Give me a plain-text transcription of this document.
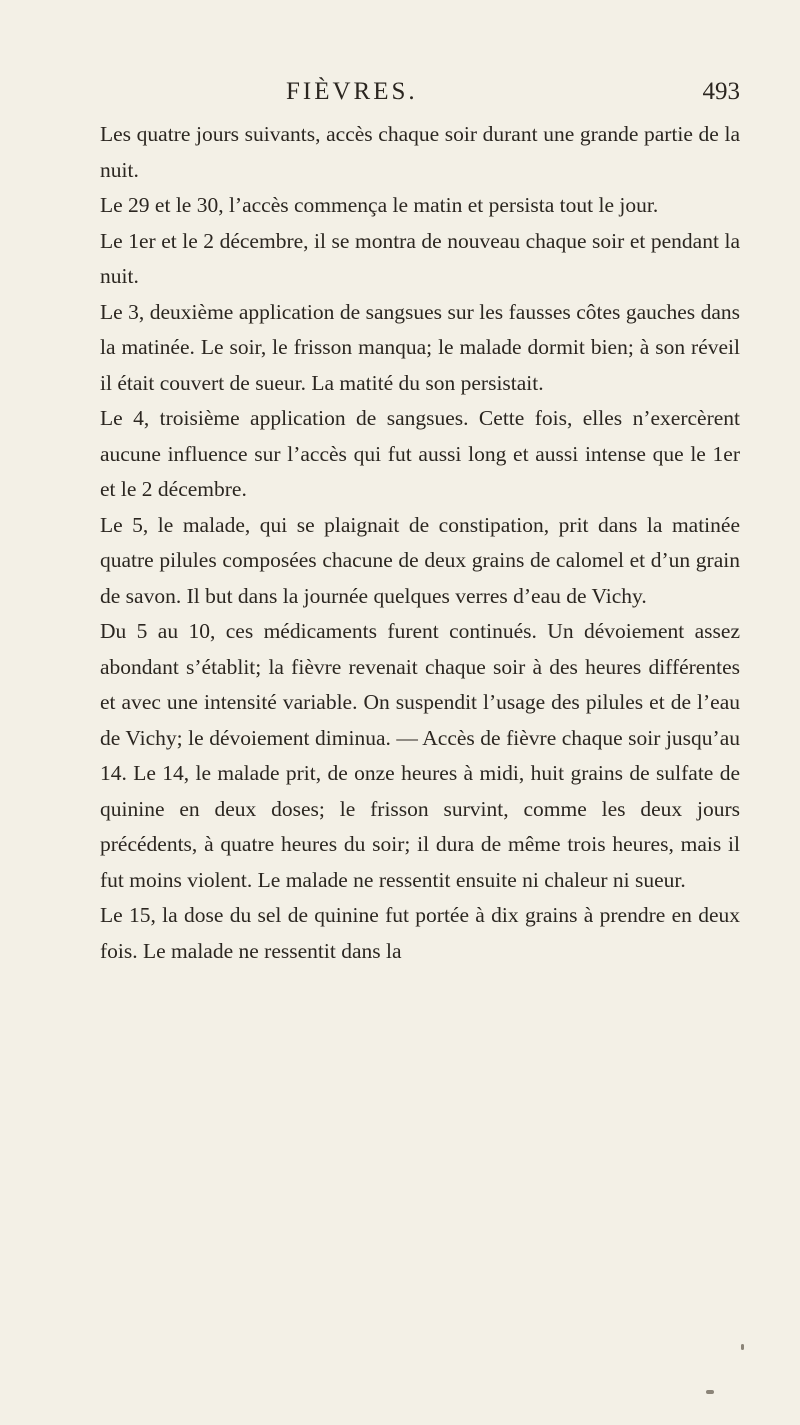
FIÈVRES.	493

Les quatre jours suivants, accès chaque soir durant une grande partie de la nuit.

Le 29 et le 30, l’accès commença le matin et persista tout le jour.

Le 1er et le 2 décembre, il se montra de nouveau chaque soir et pendant la nuit.

Le 3, deuxième application de sangsues sur les fausses côtes gauches dans la matinée. Le soir, le frisson manqua; le malade dormit bien; à son réveil il était couvert de sueur. La matité du son persistait.

Le 4, troisième application de sangsues. Cette fois, elles n’exercèrent aucune influence sur l’accès qui fut aussi long et aussi intense que le 1er et le 2 décembre.

Le 5, le malade, qui se plaignait de constipation, prit dans la matinée quatre pilules composées chacune de deux grains de calomel et d’un grain de savon. Il but dans la journée quelques verres d’eau de Vichy.

Du 5 au 10, ces médicaments furent continués. Un dévoiement assez abondant s’établit; la fièvre revenait chaque soir à des heures différentes et avec une intensité variable. On suspendit l’usage des pilules et de l’eau de Vichy; le dévoiement diminua. — Accès de fièvre chaque soir jusqu’au 14. Le 14, le malade prit, de onze heures à midi, huit grains de sulfate de quinine en deux doses; le frisson survint, comme les deux jours précédents, à quatre heures du soir; il dura de même trois heures, mais il fut moins violent. Le malade ne ressentit ensuite ni chaleur ni sueur.

Le 15, la dose du sel de quinine fut portée à dix grains à prendre en deux fois. Le malade ne ressentit dans la
